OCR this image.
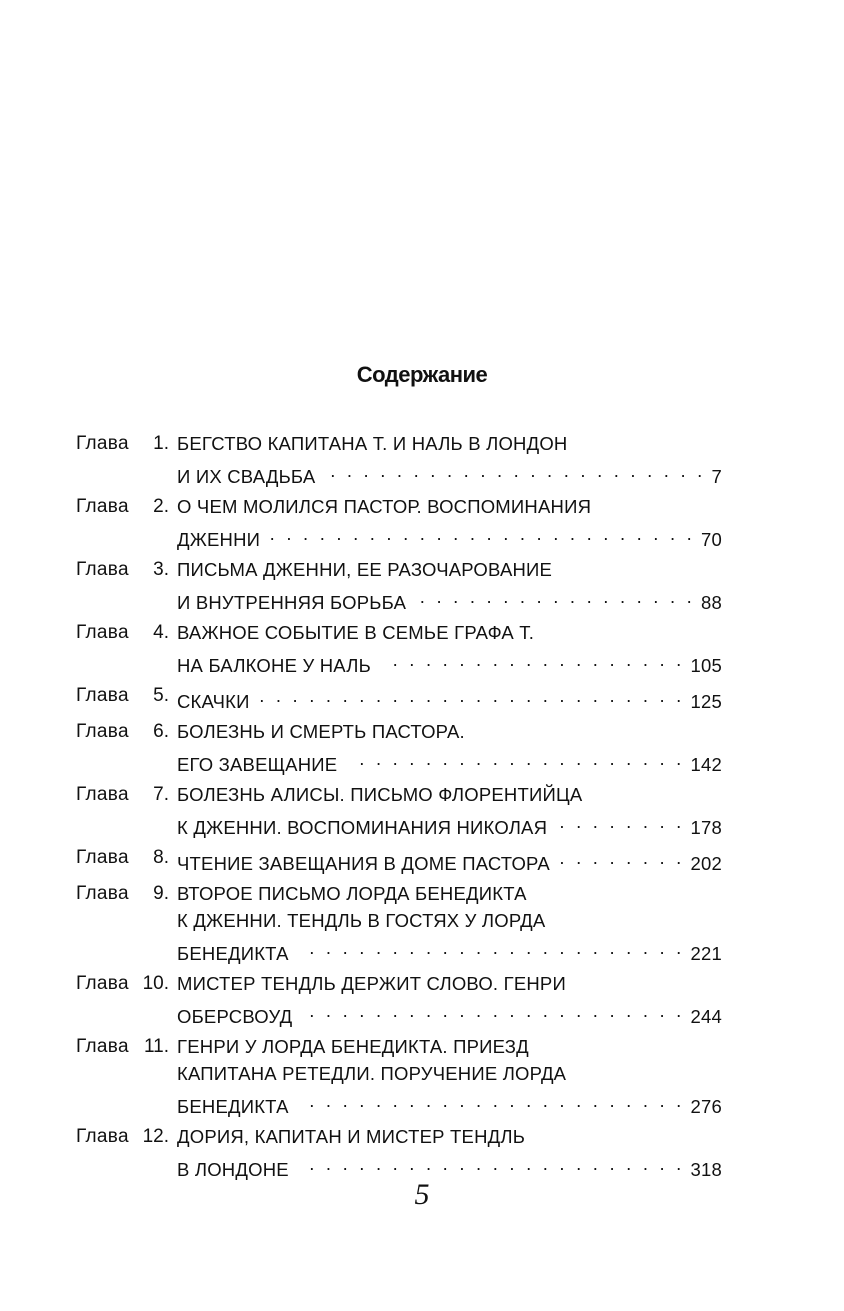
Содержание
Глава 1. БЕГСТВО КАПИТАНА Т. И НАЛЬ В ЛОНДОН
И ИХ СВАДЬБА . . .	7
Глава 2. О ЧЕМ МОЛИЛСЯ ПАСТОР. ВОСПОМИНАНИЯ
ДЖЕННИ . . .	70
Глава 3. ПИСЬМА ДЖЕННИ, ЕЕ РАЗОЧАРОВАНИЕ
И ВНУТРЕННЯЯ БОРЬБА . . .	88
Глава 4. ВАЖНОЕ СОБЫТИЕ В СЕМЬЕ ГРАФА Т.
НА БАЛКОНЕ У НАЛЬ . . .	105
Глава 5. СКАЧКИ . . .	125
Глава 6. БОЛЕЗНЬ И СМЕРТЬ ПАСТОРА.
ЕГО ЗАВЕЩАНИЕ . . .	142
Глава 7. БОЛЕЗНЬ АЛИСЫ. ПИСЬМО ФЛОРЕНТИЙЦА
К ДЖЕННИ. ВОСПОМИНАНИЯ НИКОЛАЯ . . .	178
Глава 8. ЧТЕНИЕ ЗАВЕЩАНИЯ В ДОМЕ ПАСТОРА . . .	202
Глава 9. ВТОРОЕ ПИСЬМО ЛОРДА БЕНЕДИКТА
К ДЖЕННИ. ТЕНДЛЬ В ГОСТЯХ У ЛОРДА
БЕНЕДИКТА . . .	221
Глава 10. МИСТЕР ТЕНДЛЬ ДЕРЖИТ СЛОВО. ГЕНРИ
ОБЕРСВОУД . . .	244
Глава 11. ГЕНРИ У ЛОРДА БЕНЕДИКТА. ПРИЕЗД
КАПИТАНА РЕТЕДЛИ. ПОРУЧЕНИЕ ЛОРДА
БЕНЕДИКТА . . .	276
Глава 12. ДОРИЯ, КАПИТАН И МИСТЕР ТЕНДЛЬ
В ЛОНДОНЕ . . .	318
5
